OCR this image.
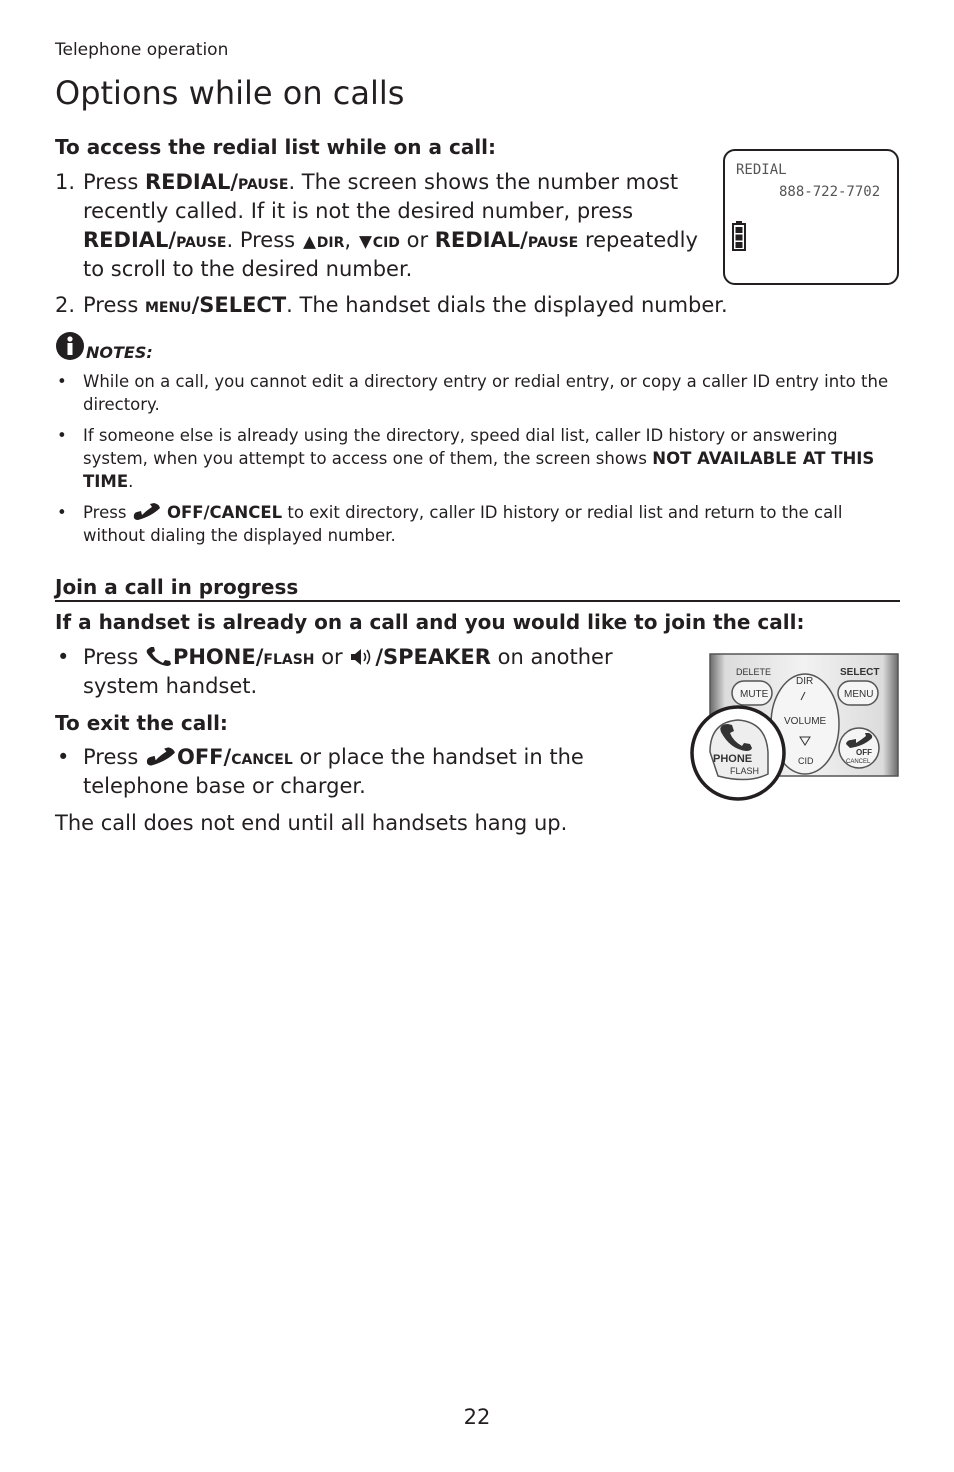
Telephone operation
Options while on calls
To access the redial list while on a call:
1. Press REDIAL/pause. The screen shows the number most recently called. If it is not the desired number, press REDIAL/pause. Press dir, cid or REDIAL/pause repeatedly to scroll to the desired number.
2. Press menu/SELECT. The handset dials the displayed number.
REDIAL
888-722-7702
NOTES:
• While on a call, you cannot edit a directory entry or redial entry, or copy a caller ID entry into the directory.
• If someone else is already using the directory, speed dial list, caller ID history or answering system, when you attempt to access one of them, the screen shows NOT AVAILABLE AT THIS TIME.
• Press OFF/CANCEL to exit directory, caller ID history or redial list and return to the call without dialing the displayed number.
Join a call in progress
If a handset is already on a call and you would like to join the call:
• Press PHONE/flash or /SPEAKER on another system handset.
To exit the call:
• Press OFF/cancel or place the handset in the telephone base or charger.
The call does not end until all handsets hang up.
DELETE
MUTE
SELECT
MENU
DIR
VOLUME
CID
OFF
CANCEL
PHONE
FLASH
22
